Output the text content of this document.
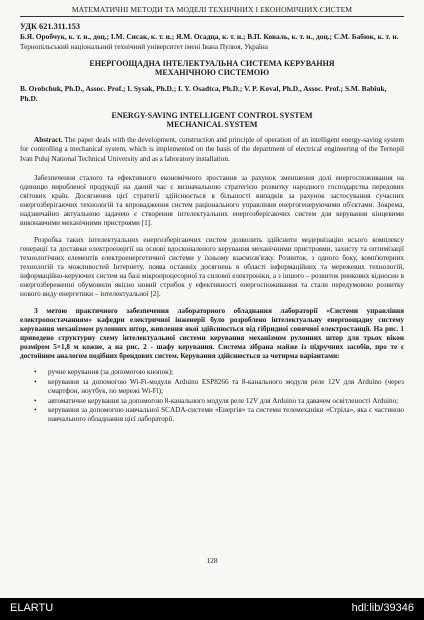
МАТЕМАТИЧНІ МЕТОДИ ТА МОДЕЛІ ТЕХНІЧНИХ І ЕКОНОМІЧНИХ СИСТЕМ
УДК 621.311.153
Б.Я. Оробчук, к. т. н., доц.; І.М. Сисак, к. т. н.; Я.М. Осадца, к. т. н.; В.П. Коваль, к. т. н., доц.; С.М. Бабюк, к. т. н.
Тернопільський національний технічний університет імені Івана Пулюя, Україна
ЕНЕРГООЩАДНА ІНТЕЛЕКТУАЛЬНА СИСТЕМА КЕРУВАННЯ
МЕХАНІЧНОЮ СИСТЕМОЮ
B. Orobchuk, Ph.D., Assoc. Prof.; I. Sysak, Ph.D.; I. Y. Osadtca, Ph.D.; V. P. Koval, Ph.D., Assoc. Prof.; S.M. Babiuk, Ph.D.
ENERGY-SAVING INTELLIGENT CONTROL SYSTEM
MECHANICAL SYSTEM
Abstract. The paper deals with the development, construction and principle of operation of an intelligent energy-saving system for controlling a mechanical system, which is implemented on the basis of the department of electrical engineering of the Ternopil Ivan Puluj National Technical University and as a laboratory installation.

Забезпечення сталого та ефективного економічного зростання за рахунок зменшення долі енергоспоживання на одиницю виробленої продукції на даний час є визначальною стратегією розвитку народного господарства передових світових країн. Досягнення цієї стратегії здійснюється в більшості випадків за рахунок застосування сучасних енергозберігаючих технологій та впровадження систем раціонального управління енергогенеруючими об'єктами. Зокрема, надзвичайно актуальною задачею є створення інтелектуальних енергозберігаючих систем для керування кінцевими виконавчими механічними пристроями [1].

Розробка таких інтелектуальних енергозберігаючих систем дозволить здійснити модернізацію всього комплексу генерації та доставки електроенергії на основі вдосконаленого керування механічними пристроями, захисту та оптимізації технологічних елементів електроенергетичної системи у їхньому взаємозв'язку. Розвиток, з одного боку, комп'ютерних технологій та можливостей Інтернету, поява останніх досягнень в області інформаційних та мережевих технологій, інформаційно-керуючих систем на базі мікропроцесорної та силової електроніки, а з іншого – розвиток ринкових відносин в енергозбереженні обумовили якісно новий стрибок у ефективності енергоспоживання та стали передумовою розвитку нового виду енергетики – інтелектуальної [2].

З метою практичного забезпечення лабораторного обладнання лабораторії «Системи управління електропостачанням» кафедри електричної інженерії було розроблено інтелектуальну енергоощадну систему керування механізмом рулонних штор, живлення якої здійснюється від гібридної сонячної електростанції. На рис. 1 приведено структурну схему інтелектуальної системи керування механізмом рулонних штор для трьох вікон розміром 5×1,8 м кожне, а на рис. 2 - шафу керування. Система зібрана майже із підручних засобів, про те є достойним аналогом подібних брендових систем. Керування здійснюється за чотирма варіантами:

• ручне керування (за допомогою кнопок);
• керування за допомогою Wi-Fi-модуля Arduino ESP8266 та 8-канального модуля реле 12V для Arduino (через смартфон, ноутбук, по мережі Wi-Fi);
• автоматичне керування за допомогою 8-канального модуля реле 12V для Arduino та давачем освітленості Arduino;
• керування за допомогою навчальної SCADA-системи «Енергія» та системи телемеханіки «Стріла», яка є частиною навчального обладнання цієї лабораторії.
128
ELARTU	hdl:lib/39346
